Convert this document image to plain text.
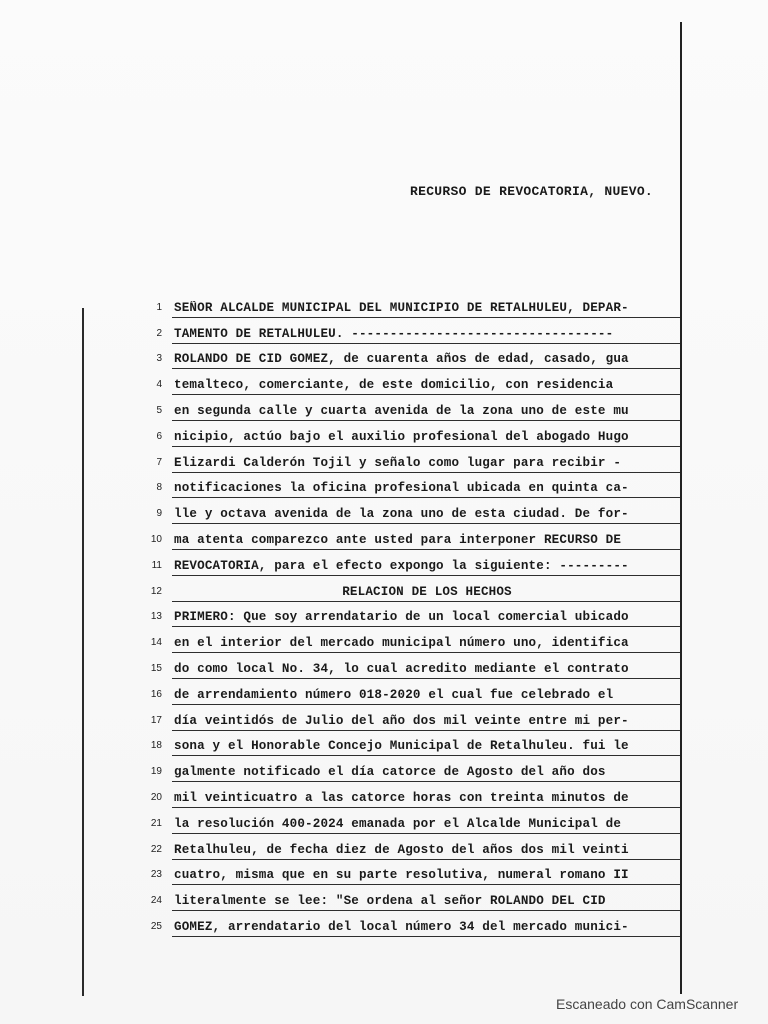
RECURSO DE REVOCATORIA, NUEVO.
1 SEÑOR ALCALDE MUNICIPAL DEL MUNICIPIO DE RETALHULEU, DEPAR-
2 TAMENTO DE RETALHULEU. ----------------------------------
3 ROLANDO DE CID GOMEZ, de cuarenta años de edad, casado, gua
4 temalteco, comerciante, de este domicilio, con residencia
5 en segunda calle y cuarta avenida de la zona uno de este mu
6 nicipio, actúo bajo el auxilio profesional del abogado Hugo
7 Elizardi Calderón Tojil y señalo como lugar para recibir -
8 notificaciones la oficina profesional ubicada en quinta ca-
9 lle y octava avenida de la zona uno de esta ciudad. De for-
10 ma atenta comparezco ante usted para interponer RECURSO DE
11 REVOCATORIA, para el efecto expongo la siguiente: ---------
12	RELACION DE LOS HECHOS
13 PRIMERO: Que soy arrendatario de un local comercial ubicado
14 en el interior del mercado municipal número uno, identifica
15 do como local No. 34, lo cual acredito mediante el contrato
16 de arrendamiento número 018-2020 el cual fue celebrado el
17 día veintidós de Julio del año dos mil veinte entre mi per-
18 sona y el Honorable Concejo Municipal de Retalhuleu. fui le
19 galmente notificado el día catorce de Agosto del año dos
20 mil veinticuatro a las catorce horas con treinta minutos de
21 la resolución 400-2024 emanada por el Alcalde Municipal de
22 Retalhuleu, de fecha diez de Agosto del años dos mil veinti
23 cuatro, misma que en su parte resolutiva, numeral romano II
24 literalmente se lee: "Se ordena al señor ROLANDO DEL CID
25 GOMEZ, arrendatario del local número 34 del mercado munici-
Escaneado con CamScanner
